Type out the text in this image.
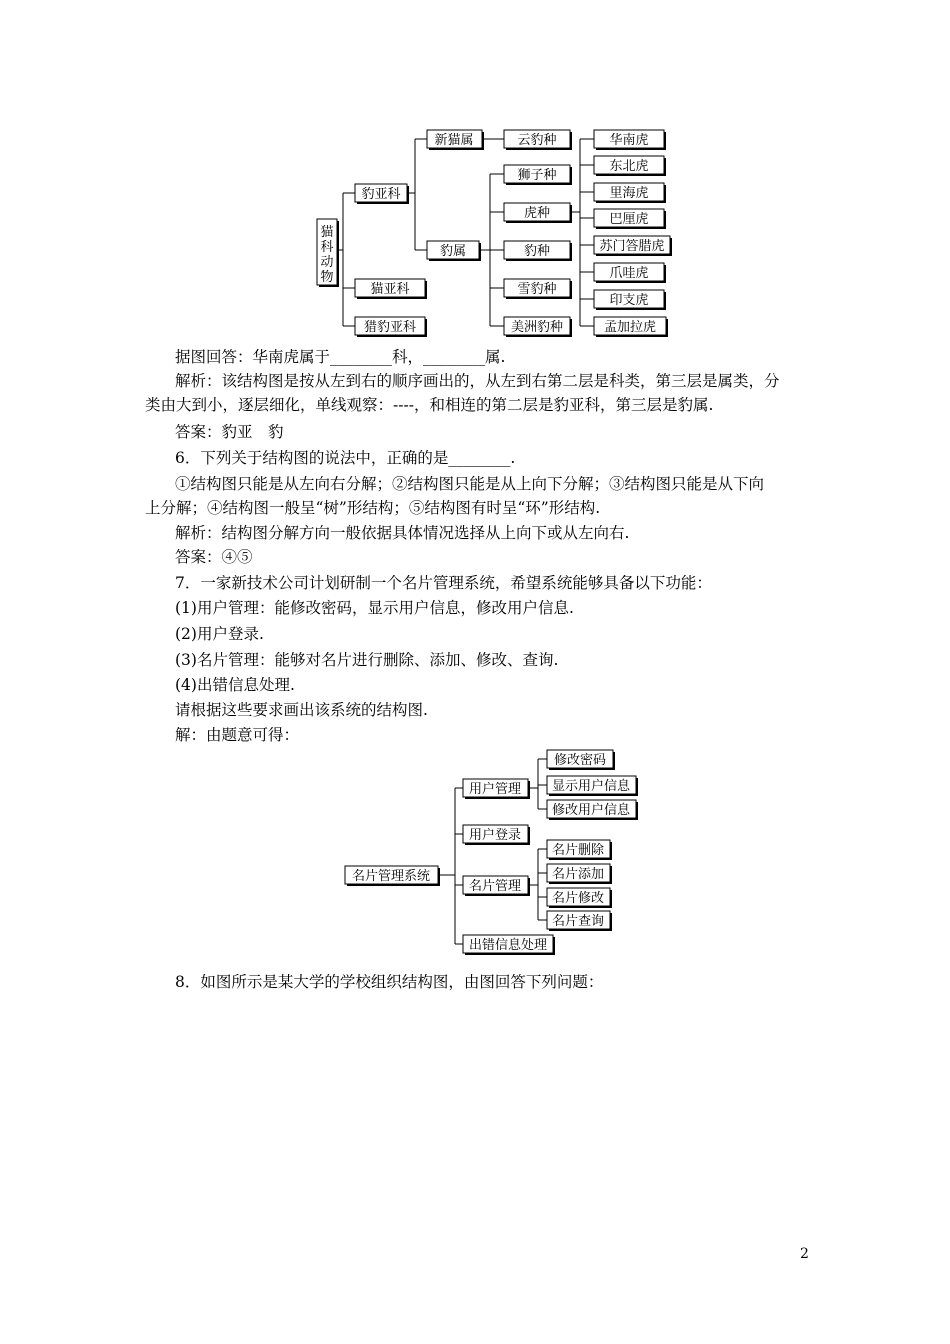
猫
科
动
物
豹亚科
猫亚科
猎豹亚科
新猫属
豹属
云豹种
狮子种
虎种
豹种
雪豹种
美洲豹种
华南虎
东北虎
里海虎
巴厘虎
苏门答腊虎
爪哇虎
印支虎
孟加拉虎
据图回答：华南虎属于________科，________属.
解析：该结构图是按从左到右的顺序画出的，从左到右第二层是科类，第三层是属类，分
类由大到小，逐层细化，单线观察：----，和相连的第二层是豹亚科，第三层是豹属.
答案：豹亚　豹
6．下列关于结构图的说法中，正确的是________.
①结构图只能是从左向右分解；②结构图只能是从上向下分解；③结构图只能是从下向
上分解；④结构图一般呈“树”形结构；⑤结构图有时呈“环”形结构.
解析：结构图分解方向一般依据具体情况选择从上向下或从左向右.
答案：④⑤
7．一家新技术公司计划研制一个名片管理系统，希望系统能够具备以下功能：
(1)用户管理：能修改密码，显示用户信息，修改用户信息.
(2)用户登录.
(3)名片管理：能够对名片进行删除、添加、修改、查询.
(4)出错信息处理.
请根据这些要求画出该系统的结构图.
解：由题意可得：
名片管理系统
用户管理
用户登录
名片管理
出错信息处理
修改密码
显示用户信息
修改用户信息
名片删除
名片添加
名片修改
名片查询
8．如图所示是某大学的学校组织结构图，由图回答下列问题：
2
